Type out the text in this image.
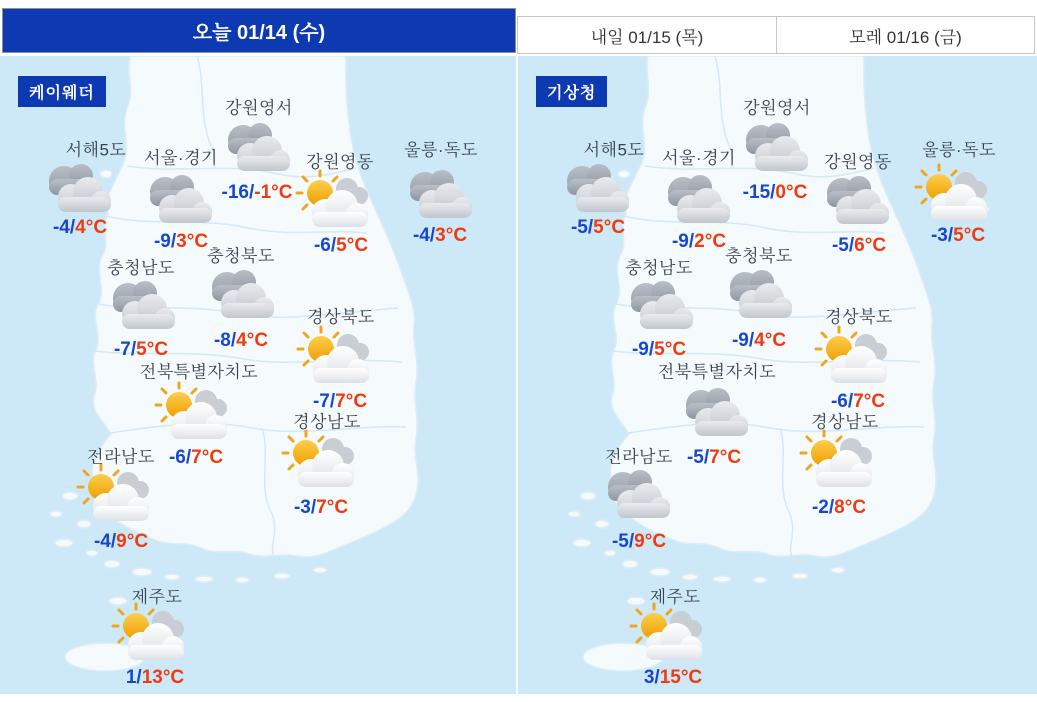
오늘 01/14 (수)	내일 01/15 (목)	모레 01/16 (금)
서해5도
-4/4°C
서울·경기
-9/3°C
강원영서
-16/-1°C
강원영동
-6/5°C
울릉·독도
-4/3°C
충청남도
-7/5°C
충청북도
-8/4°C
경상북도
-7/7°C
전북특별자치도
-6/7°C
경상남도
-3/7°C
전라남도
-4/9°C
제주도
1/13°C
케이웨더
서해5도
-5/5°C
서울·경기
-9/2°C
강원영서
-15/0°C
강원영동
-5/6°C
울릉·독도
-3/5°C
충청남도
-9/5°C
충청북도
-9/4°C
경상북도
-6/7°C
전북특별자치도
-5/7°C
경상남도
-2/8°C
전라남도
-5/9°C
제주도
3/15°C
기상청
